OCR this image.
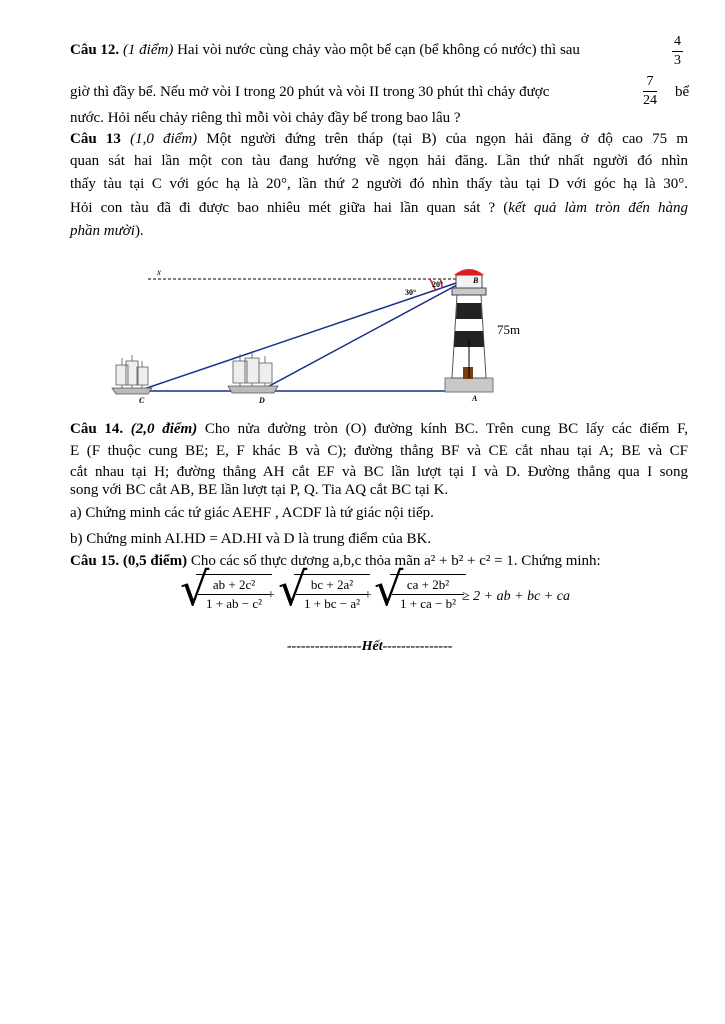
Câu 12. (1 điểm) Hai vòi nước cùng chảy vào một bể cạn (bể không có nước) thì sau
4
3
giờ thì đầy bể. Nếu mở vòi I trong 20 phút và vòi II trong 30 phút thì chảy được
7
24
bể
nước. Hỏi nếu chảy riêng thì mỗi vòi chảy đầy bể trong bao lâu ?
Câu 13 (1,0 điểm) Một người đứng trên tháp (tại B) của ngọn hải đăng ở độ cao 75 m
quan sát hai lần một con tàu đang hướng về ngọn hải đăng. Lần thứ nhất người đó nhìn
thấy tàu tại C với góc hạ là 20°, lần thứ 2 người đó nhìn thấy tàu tại D với góc hạ là 30°.
Hỏi con tàu đã đi được bao nhiêu mét giữa hai lần quan sát ? (kết quả làm tròn đến hàng
phần mười).
x
30°
20°	B
75m
C	D	A
Câu 14. (2,0 điểm) Cho nửa đường tròn (O) đường kính BC. Trên cung BC lấy các điểm F,
E (F thuộc cung BE; E, F khác B và C); đường thẳng BF và CE cắt nhau tại A; BE và CF
cắt nhau tại H; đường thẳng AH cắt EF và BC lần lượt tại I và D. Đường thẳng qua I song
song với BC cắt AB, BE lần lượt tại P, Q. Tia AQ cắt BC tại K.
a) Chứng minh các tứ giác AEHF , ACDF là tứ giác nội tiếp.
b) Chứng minh AI.HD = AD.HI và D là trung điểm của BK.
Câu 15. (0,5 điểm) Cho các số thực dương a,b,c thỏa mãn a² + b² + c² = 1. Chứng minh:
√ ab + 2c²
1 + ab − c²
+ √ bc + 2a²
1 + bc − a²
+ √ ca + 2b²
1 + ca − b² ≥ 2 + ab + bc + ca
----------------Hết---------------
